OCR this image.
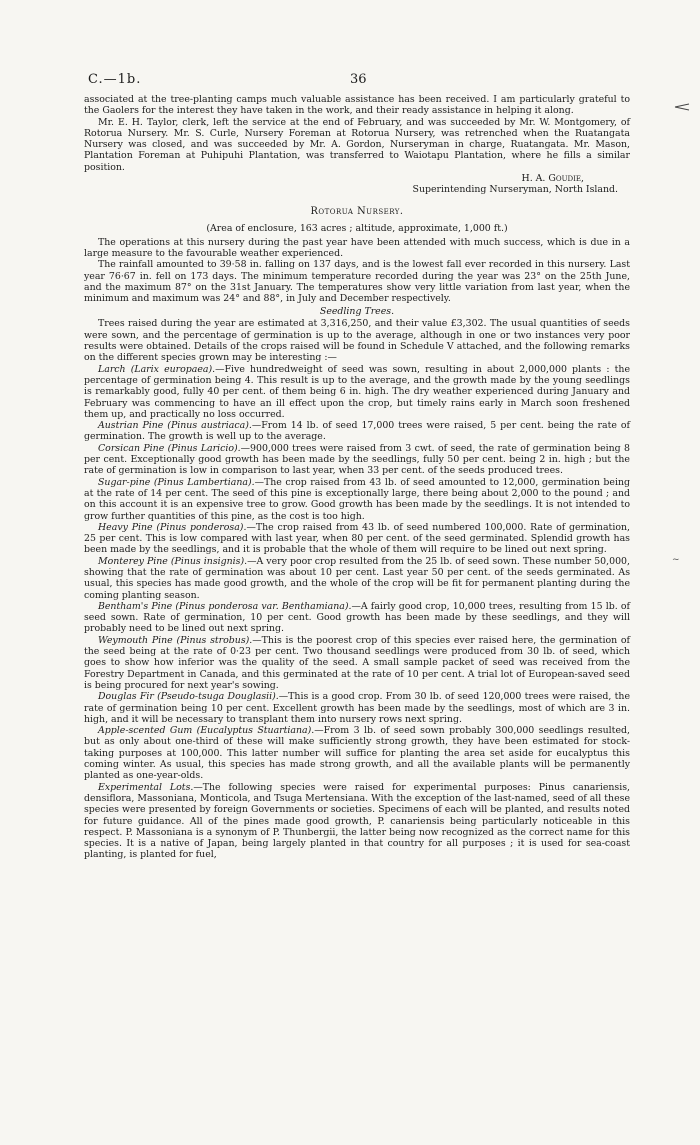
~
C.—1b.	36

associated at the tree-planting camps much valuable assistance has been received. I am particularly grateful to the Gaolers for the interest they have taken in the work, and their ready assistance in helping it along.

Mr. E. H. Taylor, clerk, left the service at the end of February, and was succeeded by Mr. W. Montgomery, of Rotorua Nursery. Mr. S. Curle, Nursery Foreman at Rotorua Nursery, was retrenched when the Ruatangata Nursery was closed, and was succeeded by Mr. A. Gordon, Nurseryman in charge, Ruatangata. Mr. Mason, Plantation Foreman at Puhipuhi Plantation, was transferred to Waiotapu Plantation, where he fills a similar position.

H. A. Goudie,
Superintending Nurseryman, North Island.
Rotorua Nursery.
(Area of enclosure, 163 acres ; altitude, approximate, 1,000 ft.)

The operations at this nursery during the past year have been attended with much success, which is due in a large measure to the favourable weather experienced.

The rainfall amounted to 39·58 in. falling on 137 days, and is the lowest fall ever recorded in this nursery. Last year 76·67 in. fell on 173 days. The minimum temperature recorded during the year was 23° on the 25th June, and the maximum 87° on the 31st January. The temperatures show very little variation from last year, when the minimum and maximum was 24° and 88°, in July and December respectively.

Seedling Trees.

Trees raised during the year are estimated at 3,316,250, and their value £3,302. The usual quantities of seeds were sown, and the percentage of germination is up to the average, although in one or two instances very poor results were obtained. Details of the crops raised will be found in Schedule V attached, and the following remarks on the different species grown may be interesting :—

Larch (Larix europaea).—Five hundredweight of seed was sown, resulting in about 2,000,000 plants : the percentage of germination being 4. This result is up to the average, and the growth made by the young seedlings is remarkably good, fully 40 per cent. of them being 6 in. high. The dry weather experienced during January and February was commencing to have an ill effect upon the crop, but timely rains early in March soon freshened them up, and practically no loss occurred.

Austrian Pine (Pinus austriaca).—From 14 lb. of seed 17,000 trees were raised, 5 per cent. being the rate of germination. The growth is well up to the average.

Corsican Pine (Pinus Laricio).—900,000 trees were raised from 3 cwt. of seed, the rate of germination being 8 per cent. Exceptionally good growth has been made by the seedlings, fully 50 per cent. being 2 in. high ; but the rate of germination is low in comparison to last year, when 33 per cent. of the seeds produced trees.

Sugar-pine (Pinus Lambertiana).—The crop raised from 43 lb. of seed amounted to 12,000, germination being at the rate of 14 per cent. The seed of this pine is exceptionally large, there being about 2,000 to the pound ; and on this account it is an expensive tree to grow. Good growth has been made by the seedlings. It is not intended to grow further quantities of this pine, as the cost is too high.

Heavy Pine (Pinus ponderosa).—The crop raised from 43 lb. of seed numbered 100,000. Rate of germination, 25 per cent. This is low compared with last year, when 80 per cent. of the seed germinated. Splendid growth has been made by the seedlings, and it is probable that the whole of them will require to be lined out next spring.

Monterey Pine (Pinus insignis).—A very poor crop resulted from the 25 lb. of seed sown. These number 50,000, showing that the rate of germination was about 10 per cent. Last year 50 per cent. of the seeds germinated. As usual, this species has made good growth, and the whole of the crop will be fit for permanent planting during the coming planting season.

Bentham's Pine (Pinus ponderosa var. Benthamiana).—A fairly good crop, 10,000 trees, resulting from 15 lb. of seed sown. Rate of germination, 10 per cent. Good growth has been made by these seedlings, and they will probably need to be lined out next spring.

Weymouth Pine (Pinus strobus).—This is the poorest crop of this species ever raised here, the germination of the seed being at the rate of 0·23 per cent. Two thousand seedlings were produced from 30 lb. of seed, which goes to show how inferior was the quality of the seed. A small sample packet of seed was received from the Forestry Department in Canada, and this germinated at the rate of 10 per cent. A trial lot of European-saved seed is being procured for next year's sowing.

Douglas Fir (Pseudo-tsuga Douglasii).—This is a good crop. From 30 lb. of seed 120,000 trees were raised, the rate of germination being 10 per cent. Excellent growth has been made by the seedlings, most of which are 3 in. high, and it will be necessary to transplant them into nursery rows next spring.

Apple-scented Gum (Eucalyptus Stuartiana).—From 3 lb. of seed sown probably 300,000 seedlings resulted, but as only about one-third of these will make sufficiently strong growth, they have been estimated for stock-taking purposes at 100,000. This latter number will suffice for planting the area set aside for eucalyptus this coming winter. As usual, this species has made strong growth, and all the available plants will be permanently planted as one-year-olds.

Experimental Lots.—The following species were raised for experimental purposes: Pinus canariensis, densiflora, Massoniana, Monticola, and Tsuga Mertensiana. With the exception of the last-named, seed of all these species were presented by foreign Governments or societies. Specimens of each will be planted, and results noted for future guidance. All of the pines made good growth, P. canariensis being particularly noticeable in this respect. P. Massoniana is a synonym of P. Thunbergii, the latter being now recognized as the correct name for this species. It is a native of Japan, being largely planted in that country for all purposes ; it is used for sea-coast planting, is planted for fuel,
